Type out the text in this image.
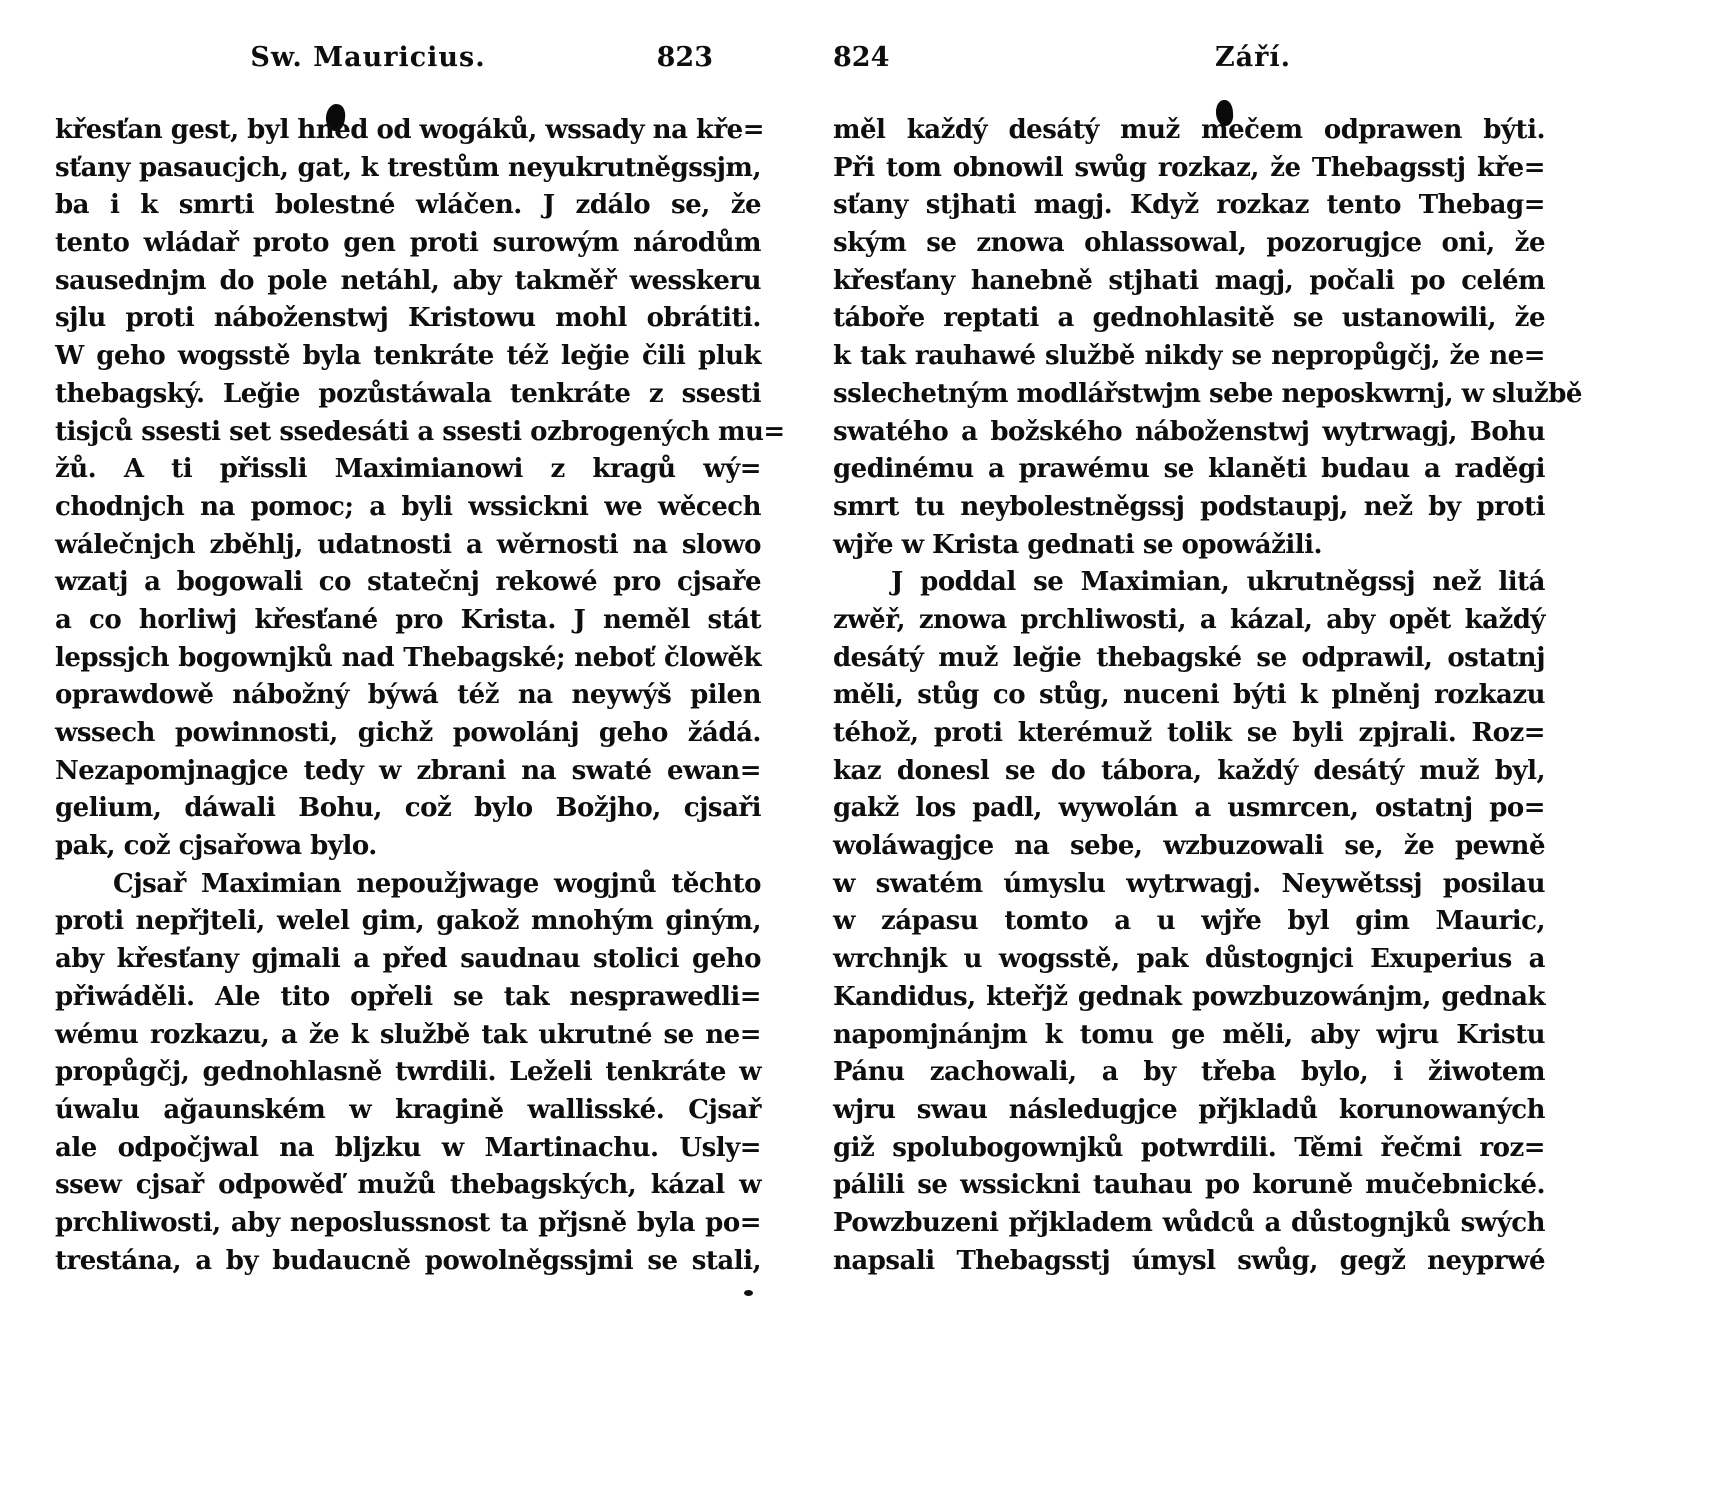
Sw. Mauricius.	823
křesťan gest, byl hned od wogáků, wssady na kře=
sťany pasaucjch, gat, k trestům neyukrutněgssjm,
ba i k smrti bolestné wláčen. J zdálo se, že
tento wládař proto gen proti surowým národům
sausednjm do pole netáhl, aby takměř wesskeru
sjlu proti náboženstwj Kristowu mohl obrátiti.
W geho wogsstě byla tenkráte též leğie čili pluk
thebagský. Leğie pozůstáwala tenkráte z ssesti
tisjců ssesti set ssedesáti a ssesti ozbrogených mu=
žů. A ti přissli Maximianowi z kragů wý=
chodnjch na pomoc; a byli wssickni we wěcech
wálečnjch zběhlj, udatnosti a wěrnosti na slowo
wzatj a bogowali co statečnj rekowé pro cjsaře
a co horliwj křesťané pro Krista. J neměl stát
lepssjch bogownjků nad Thebagské; neboť člowěk
oprawdowě nábožný býwá též na neywýš pilen
wssech powinnosti, gichž powolánj geho žádá.
Nezapomjnagjce tedy w zbrani na swaté ewan=
gelium, dáwali Bohu, což bylo Božjho, cjsaři
pak, což cjsařowa bylo.
Cjsař Maximian nepoužjwage wogjnů těchto
proti nepřjteli, welel gim, gakož mnohým giným,
aby křesťany gjmali a před saudnau stolici geho
přiwáděli. Ale tito opřeli se tak nesprawedli=
wému rozkazu, a že k službě tak ukrutné se ne=
propůgčj, gednohlasně twrdili. Leželi tenkráte w
úwalu ağaunském w kragině wallisské. Cjsař
ale odpočjwal na bljzku w Martinachu. Usly=
ssew cjsař odpowěď mužů thebagských, kázal w
prchliwosti, aby neposlussnost ta přjsně byla po=
trestána, a by budaucně powolněgssjmi se stali,
Září.
824
měl každý desátý muž mečem odprawen býti.
Při tom obnowil swůg rozkaz, že Thebagsstj kře=
sťany stjhati magj. Když rozkaz tento Thebag=
ským se znowa ohlassowal, pozorugjce oni, že
křesťany hanebně stjhati magj, počali po celém
táboře reptati a gednohlasitě se ustanowili, že
k tak rauhawé službě nikdy se nepropůgčj, že ne=
sslechetným modlářstwjm sebe neposkwrnj, w službě
swatého a božského náboženstwj wytrwagj, Bohu
gedinému a prawému se klaněti budau a raděgi
smrt tu neybolestněgssj podstaupj, než by proti
wjře w Krista gednati se opowážili.
J poddal se Maximian, ukrutněgssj než litá
zwěř, znowa prchliwosti, a kázal, aby opět každý
desátý muž leğie thebagské se odprawil, ostatnj
měli, stůg co stůg, nuceni býti k plněnj rozkazu
téhož, proti kterémuž tolik se byli zpjrali. Roz=
kaz donesl se do tábora, každý desátý muž byl,
gakž los padl, wywolán a usmrcen, ostatnj po=
woláwagjce na sebe, wzbuzowali se, že pewně
w swatém úmyslu wytrwagj. Neywětssj posilau
w zápasu tomto a u wjře byl gim Mauric,
wrchnjk u wogsstě, pak důstognjci Exuperius a
Kandidus, kteřjž gednak powzbuzowánjm, gednak
napomjnánjm k tomu ge měli, aby wjru Kristu
Pánu zachowali, a by třeba bylo, i žiwotem
wjru swau následugjce přjkladů korunowaných
giž spolubogownjků potwrdili. Těmi řečmi roz=
pálili se wssickni tauhau po koruně mučebnické.
Powzbuzeni přjkladem wůdců a důstognjků swých
napsali Thebagsstj úmysl swůg, gegž neyprwé
